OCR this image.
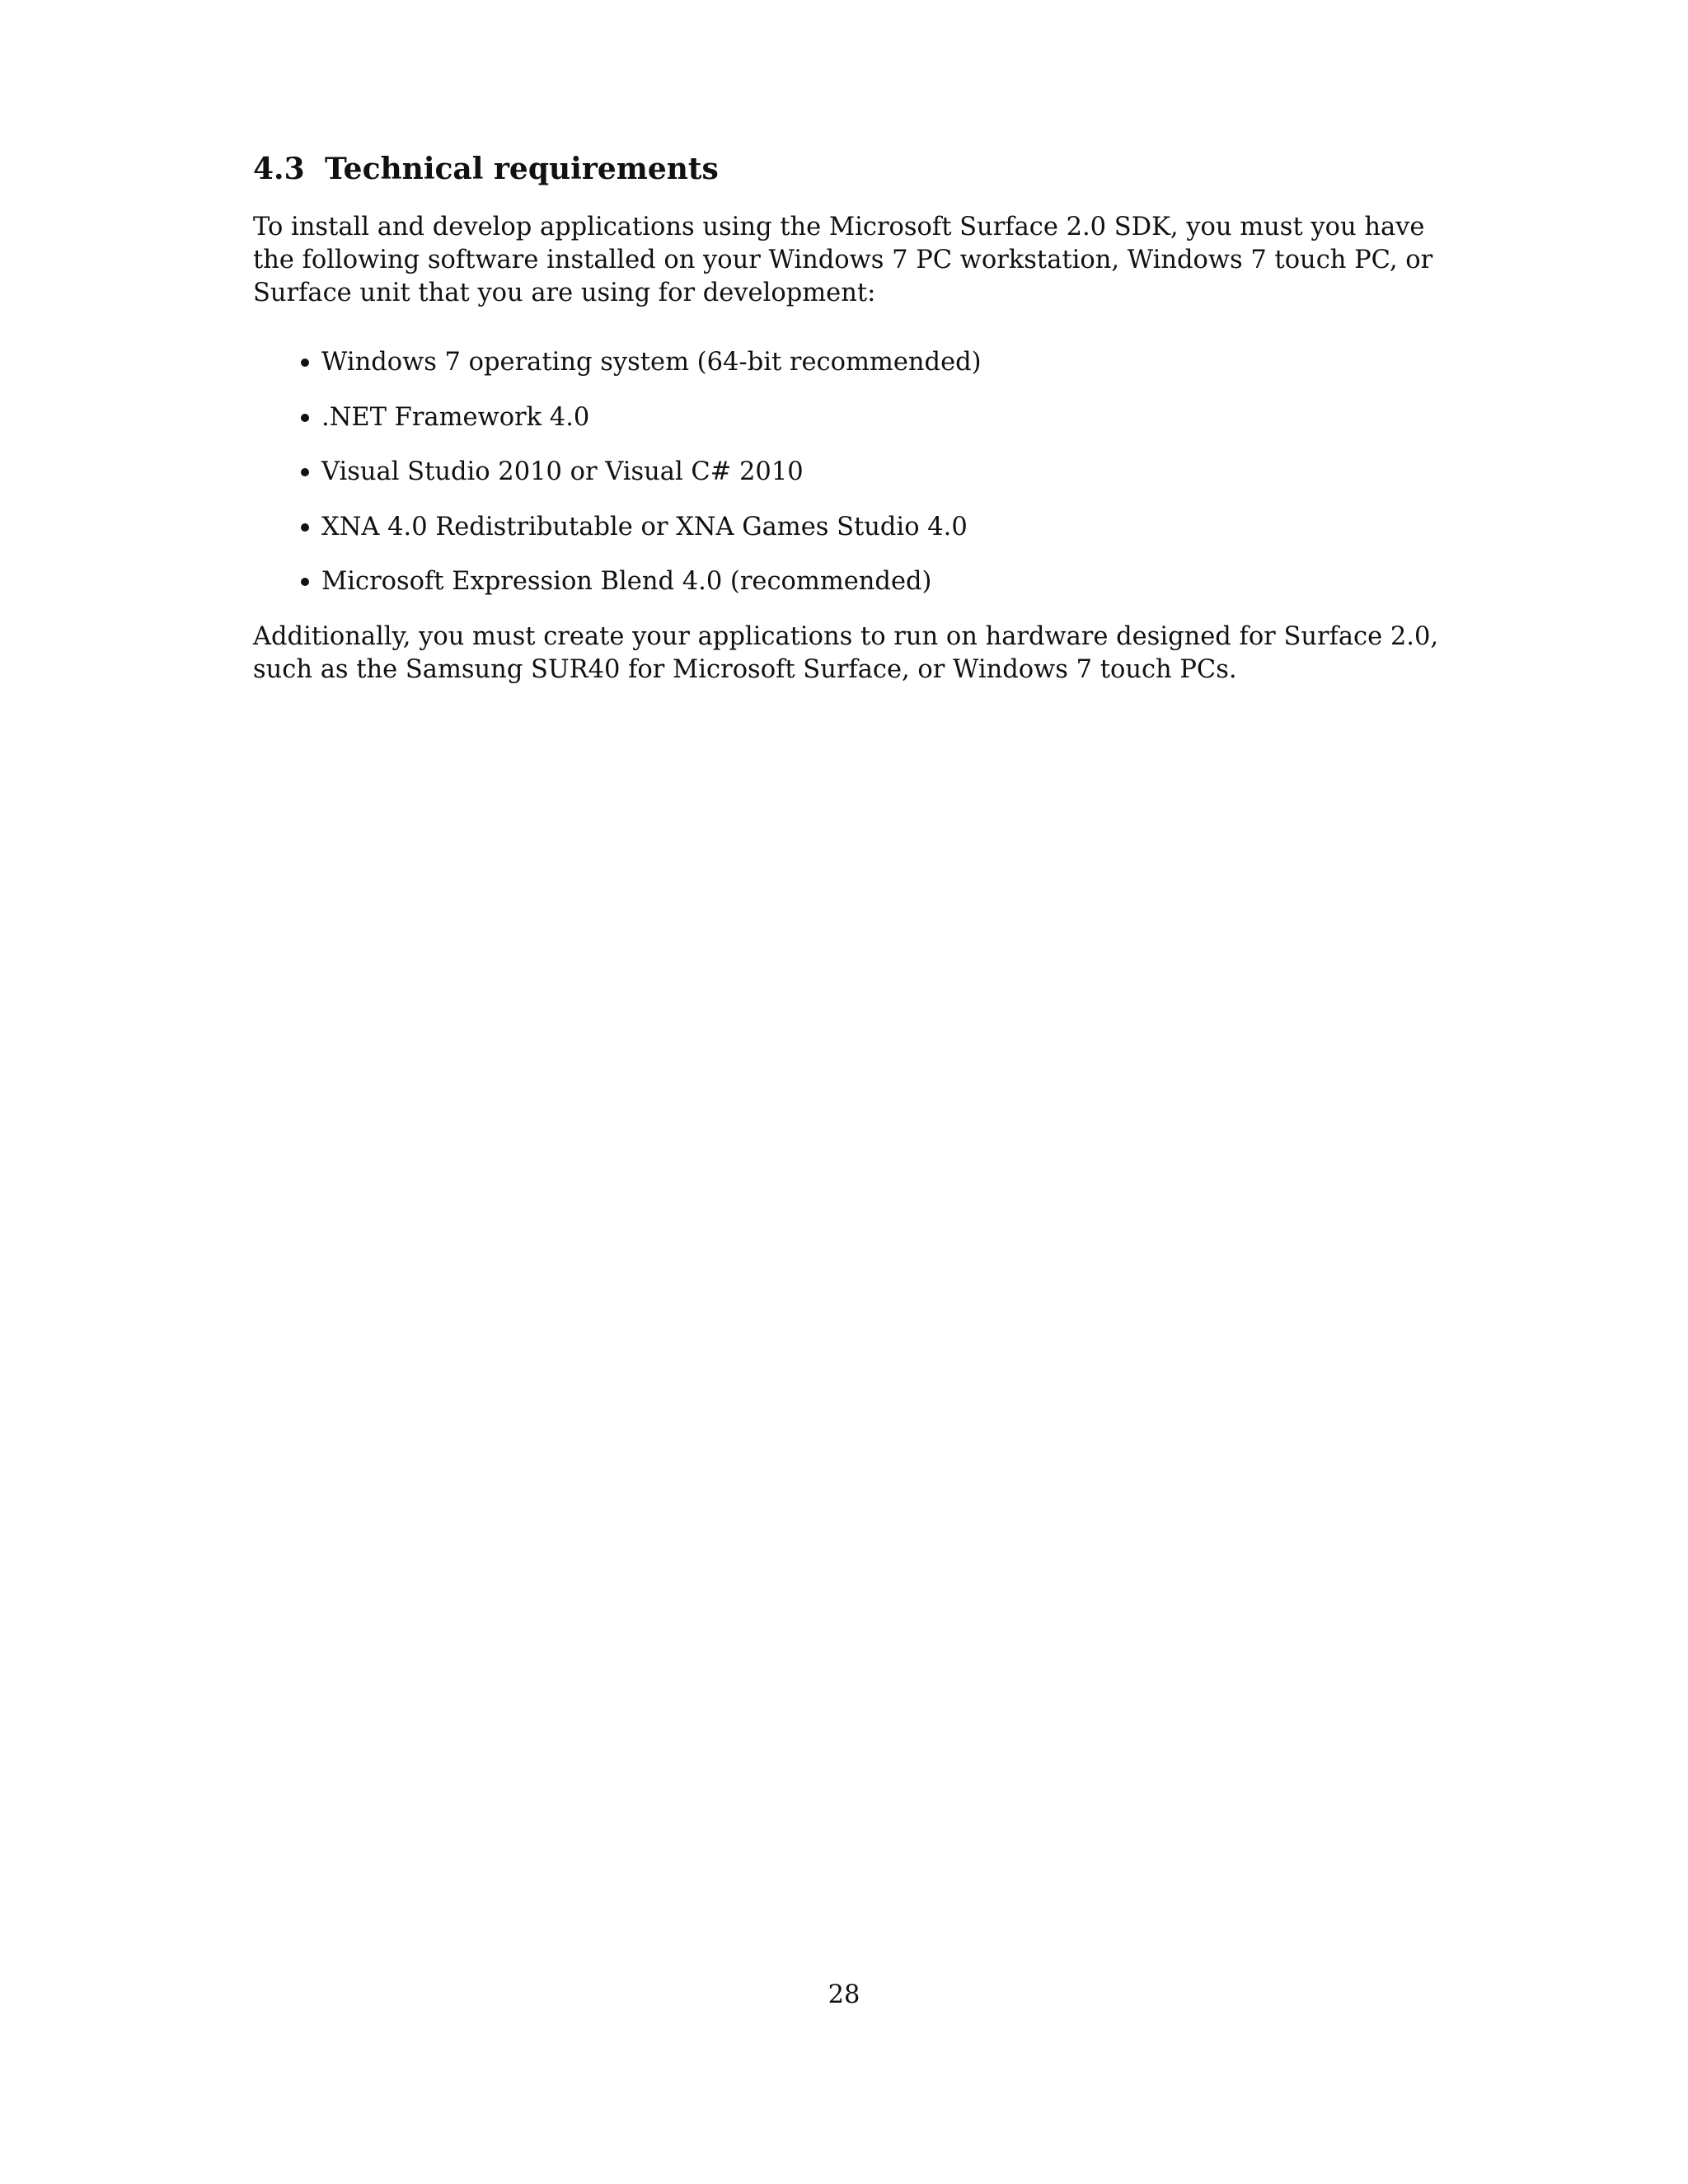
4.3 Technical requirements

To install and develop applications using the Microsoft Surface 2.0 SDK, you must you have the following software installed on your Windows 7 PC workstation, Windows 7 touch PC, or Surface unit that you are using for development:

Windows 7 operating system (64-bit recommended)
.NET Framework 4.0
Visual Studio 2010 or Visual C# 2010
XNA 4.0 Redistributable or XNA Games Studio 4.0
Microsoft Expression Blend 4.0 (recommended)

Additionally, you must create your applications to run on hardware designed for Surface 2.0, such as the Samsung SUR40 for Microsoft Surface, or Windows 7 touch PCs.

28
